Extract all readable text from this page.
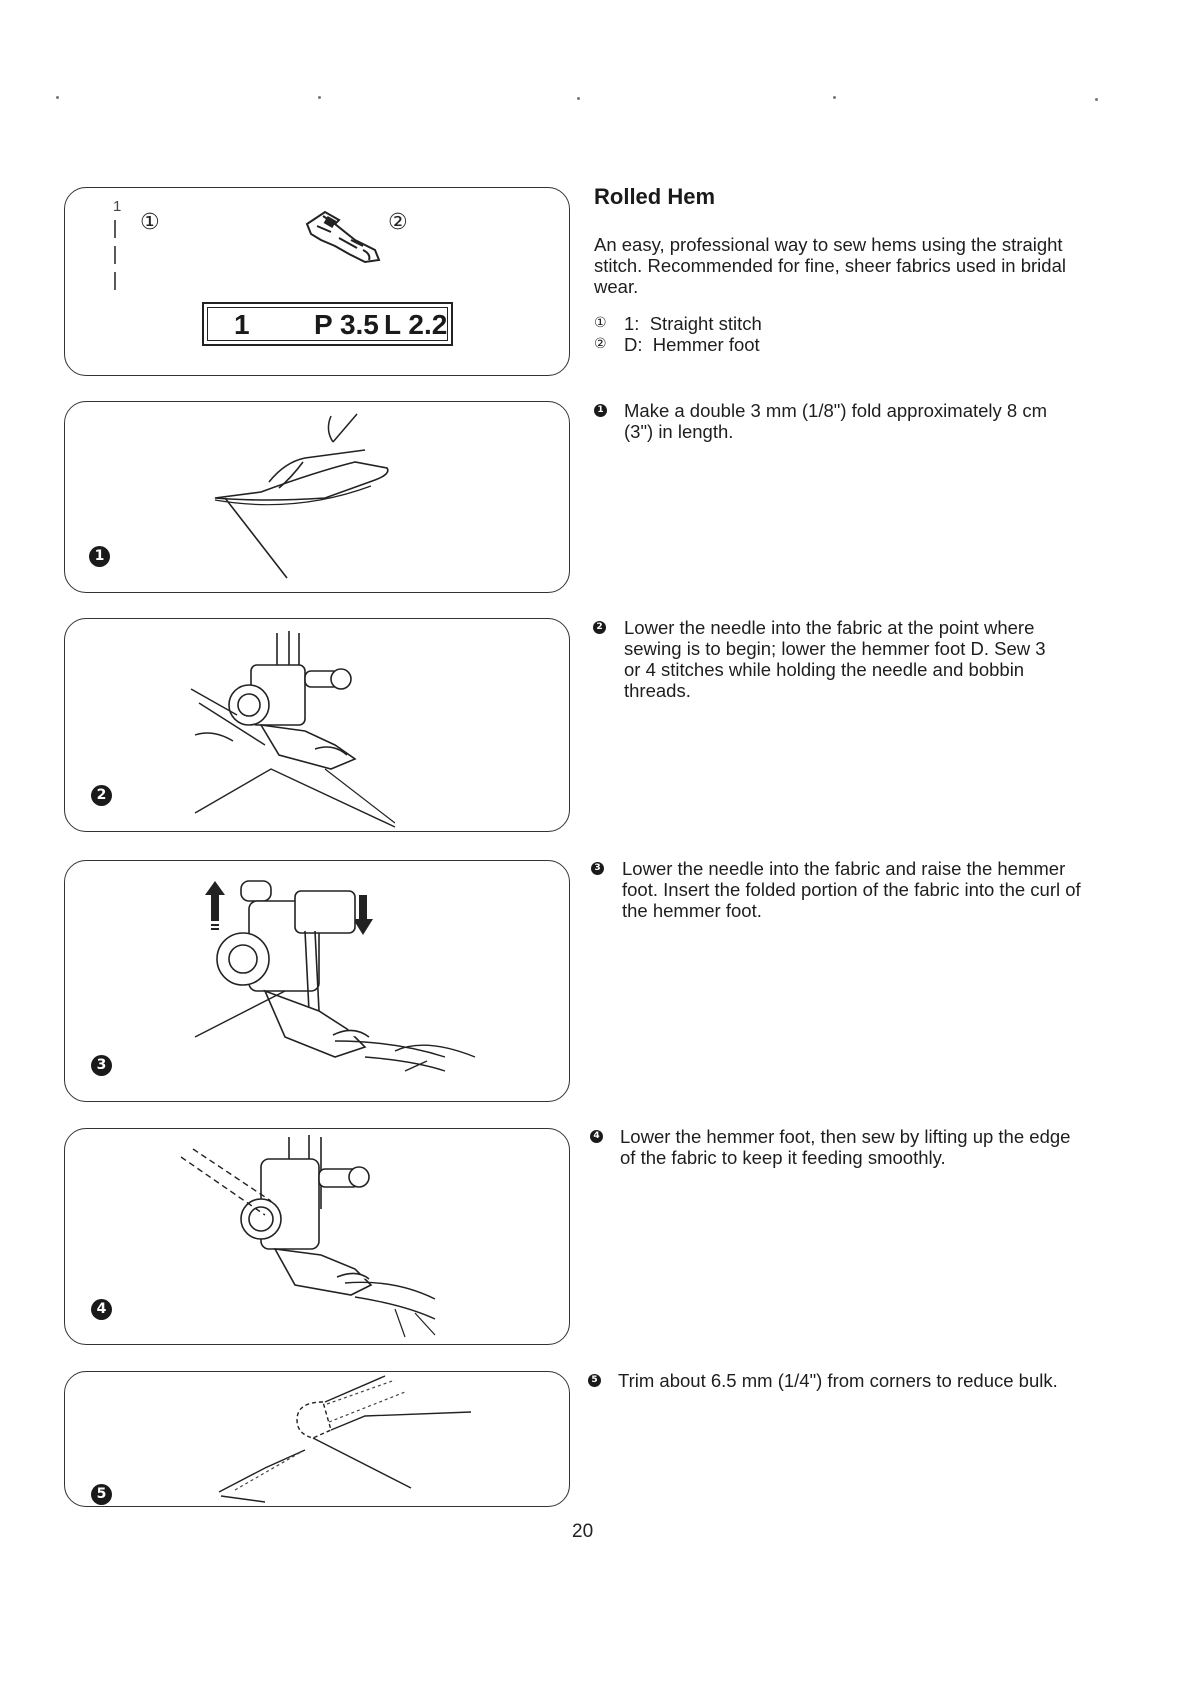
1
①	②
1 P 3.5 L 2.2
1
2
3
4
5
Rolled Hem
An easy, professional way to sew hems using the straight stitch. Recommended for fine, sheer fabrics used in bridal wear.
① 1:  Straight stitch
② D:  Hemmer foot
1 Make a double 3 mm (1/8") fold approximately 8 cm (3") in length.
2 Lower the needle into the fabric at the point where sewing is to begin; lower the hemmer foot D. Sew 3 or 4 stitches while holding the needle and bobbin threads.
3 Lower the needle into the fabric and raise the hemmer foot. Insert the folded portion of the fabric into the curl of the hemmer foot.
4 Lower the hemmer foot, then sew by lifting up the edge of the fabric to keep it feeding smoothly.
5 Trim about 6.5 mm (1/4") from corners to reduce bulk.
20
